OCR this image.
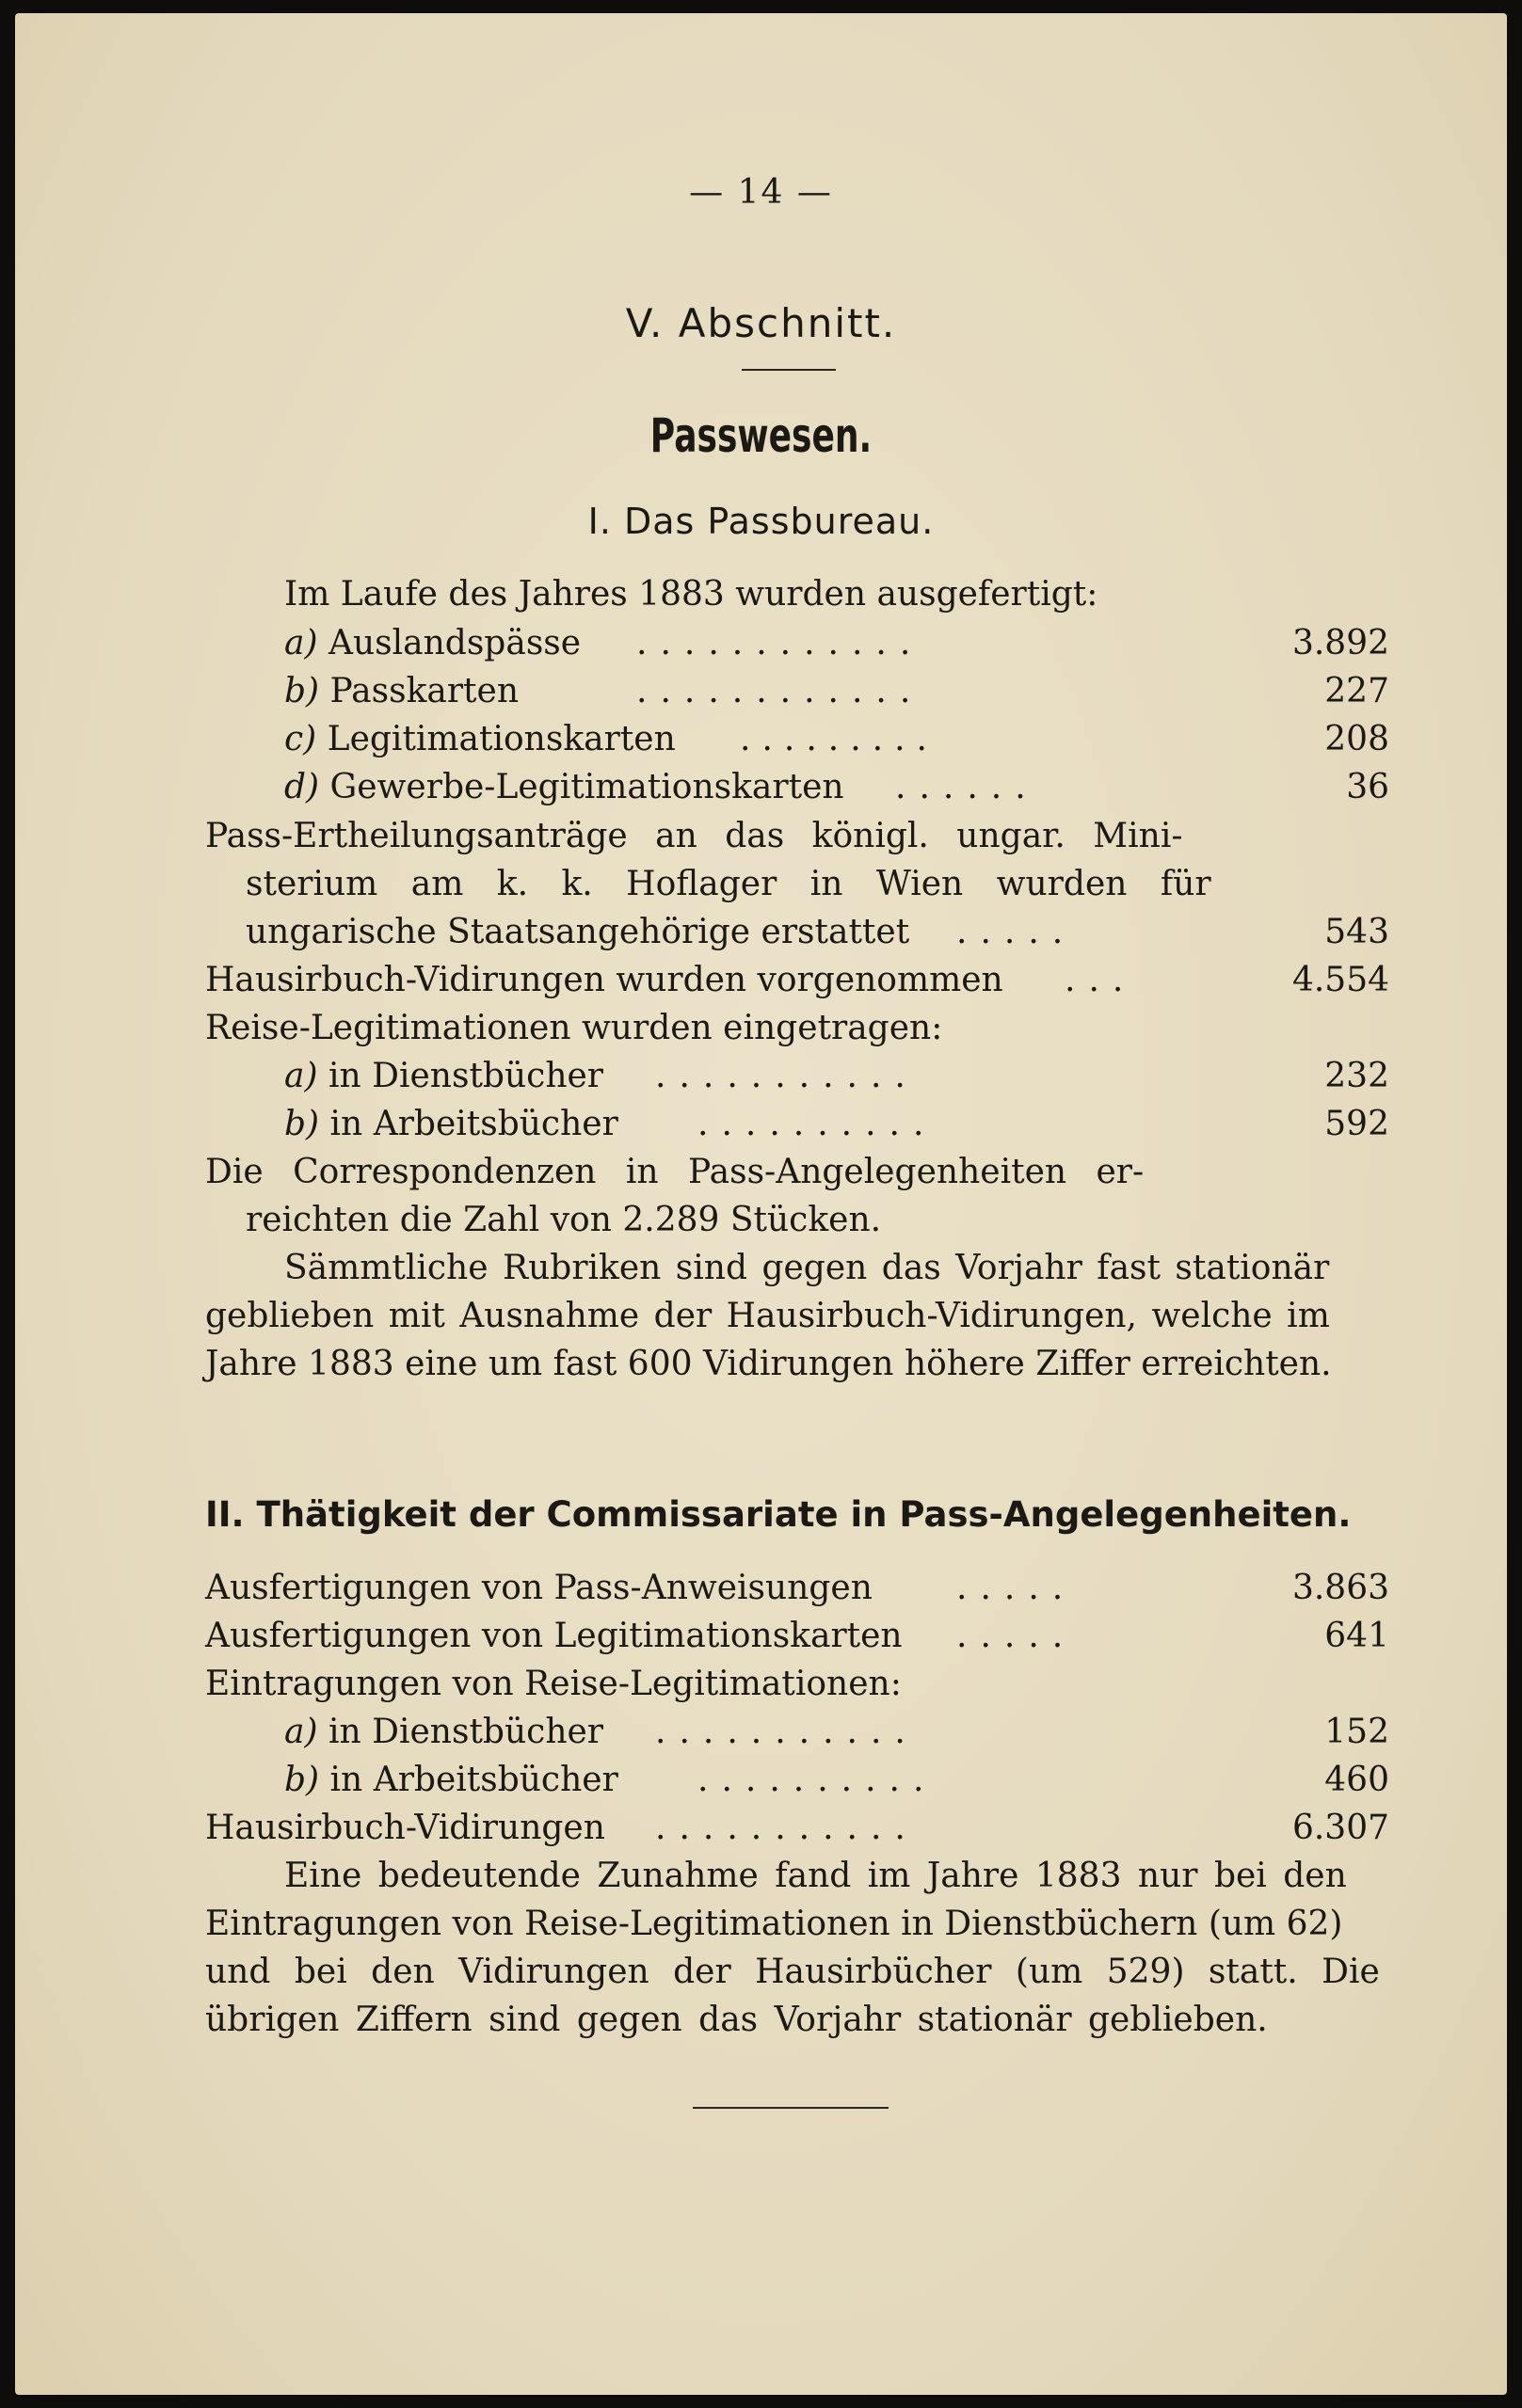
— 14 —
V. Abschnitt.
Passwesen.
I. Das Passbureau.
Im Laufe des Jahres 1883 wurden ausgefertigt:
a) Auslandspässe ............	3.892
b) Passkarten	............	227
c) Legitimationskarten .........	208
d) Gewerbe-Legitimationskarten ......	36
Pass-Ertheilungsanträge an das königl. ungar. Mini-
sterium am k. k. Hoflager in Wien wurden für
ungarische Staatsangehörige erstattet .....	543
Hausirbuch-Vidirungen wurden vorgenommen ...	4.554
Reise-Legitimationen wurden eingetragen:
a) in Dienstbücher ...........	232
b) in Arbeitsbücher ..........	592
Die Correspondenzen in Pass-Angelegenheiten er-
reichten die Zahl von 2.289 Stücken.
Sämmtliche Rubriken sind gegen das Vorjahr fast stationär
geblieben mit Ausnahme der Hausirbuch-Vidirungen, welche im
Jahre 1883 eine um fast 600 Vidirungen höhere Ziffer erreichten.
II. Thätigkeit der Commissariate in Pass-Angelegenheiten.
Ausfertigungen von Pass-Anweisungen .....	3.863
Ausfertigungen von Legitimationskarten .....	641
Eintragungen von Reise-Legitimationen:
a) in Dienstbücher ...........	152
b) in Arbeitsbücher ..........	460
Hausirbuch-Vidirungen ...........	6.307
Eine bedeutende Zunahme fand im Jahre 1883 nur bei den
Eintragungen von Reise-Legitimationen in Dienstbüchern (um 62)
und bei den Vidirungen der Hausirbücher (um 529) statt. Die
übrigen Ziffern sind gegen das Vorjahr stationär geblieben.
